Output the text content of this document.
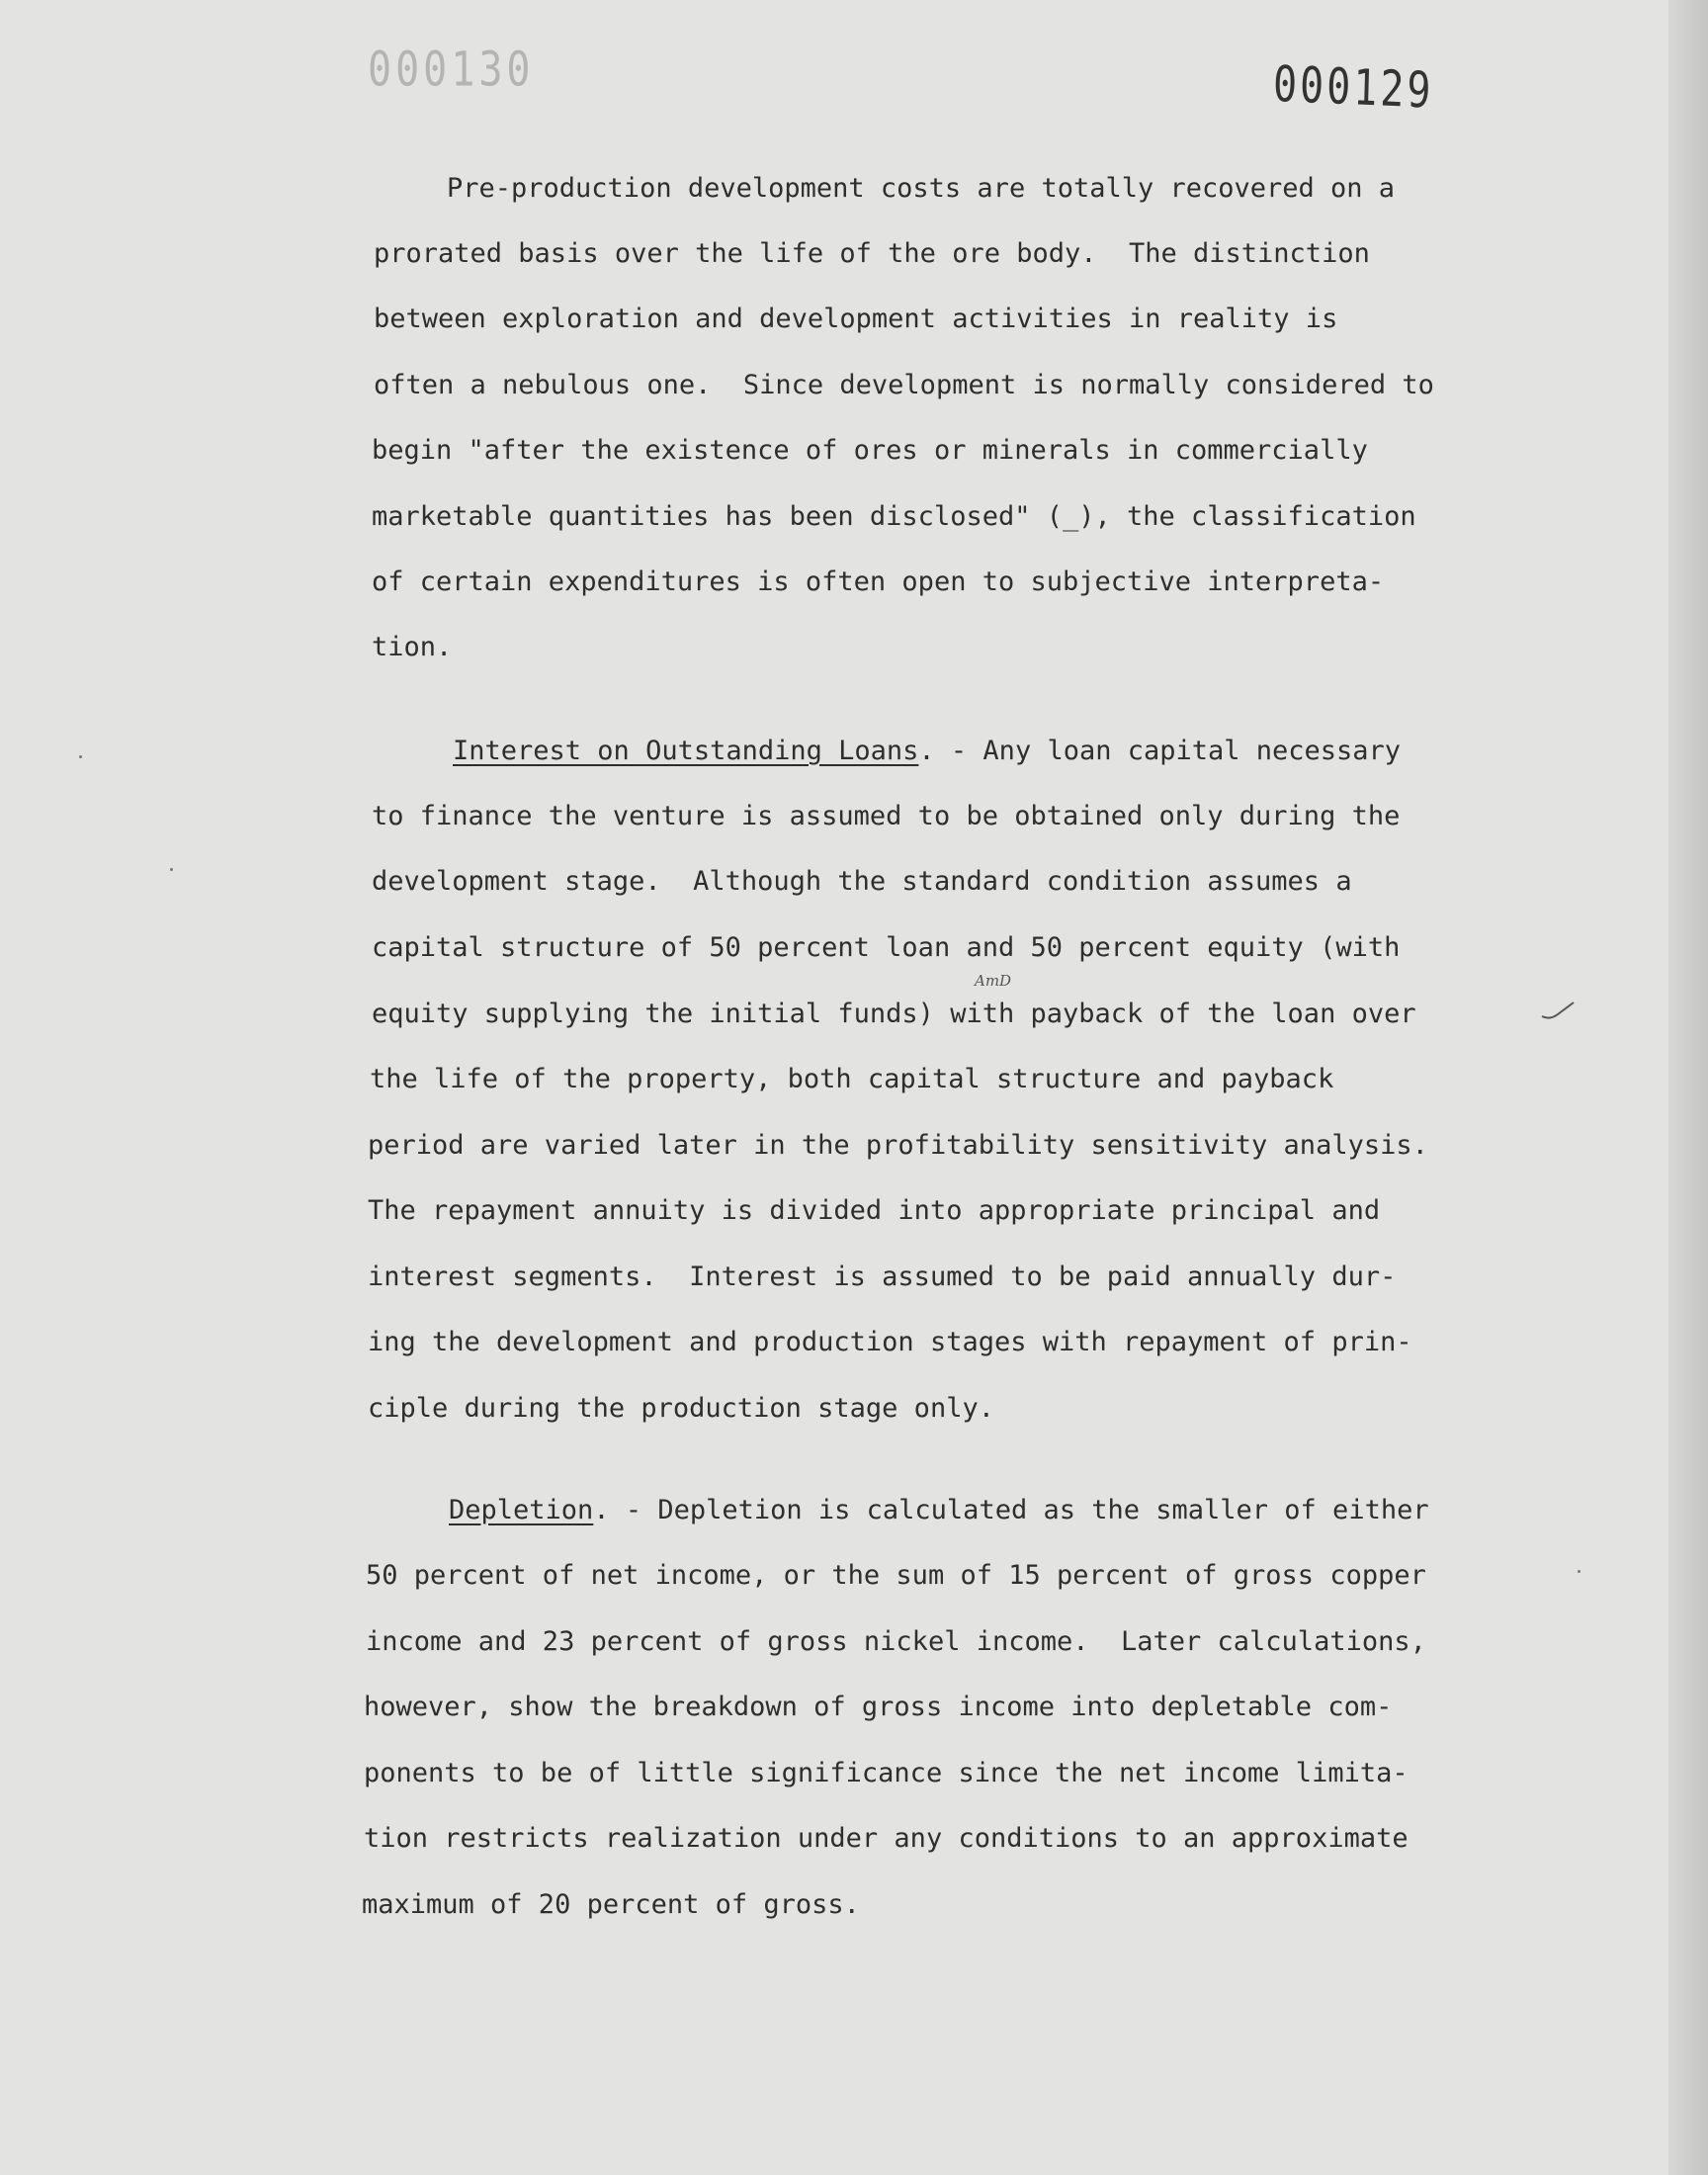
000130	000129
Pre-production development costs are totally recovered on a
prorated basis over the life of the ore body.  The distinction
between exploration and development activities in reality is
often a nebulous one.  Since development is normally considered to
begin "after the existence of ores or minerals in commercially
marketable quantities has been disclosed" (_), the classification
of certain expenditures is often open to subjective interpreta-
tion.
Interest on Outstanding Loans. - Any loan capital necessary
to finance the venture is assumed to be obtained only during the
development stage.  Although the standard condition assumes a
capital structure of 50 percent loan and 50 percent equity (with
equity supplying the initial funds) with payback of the loan over
the life of the property, both capital structure and payback
period are varied later in the profitability sensitivity analysis.
The repayment annuity is divided into appropriate principal and
interest segments.  Interest is assumed to be paid annually dur-
ing the development and production stages with repayment of prin-
ciple during the production stage only.
AmD
Depletion. - Depletion is calculated as the smaller of either
50 percent of net income, or the sum of 15 percent of gross copper
income and 23 percent of gross nickel income.  Later calculations,
however, show the breakdown of gross income into depletable com-
ponents to be of little significance since the net income limita-
tion restricts realization under any conditions to an approximate
maximum of 20 percent of gross.
